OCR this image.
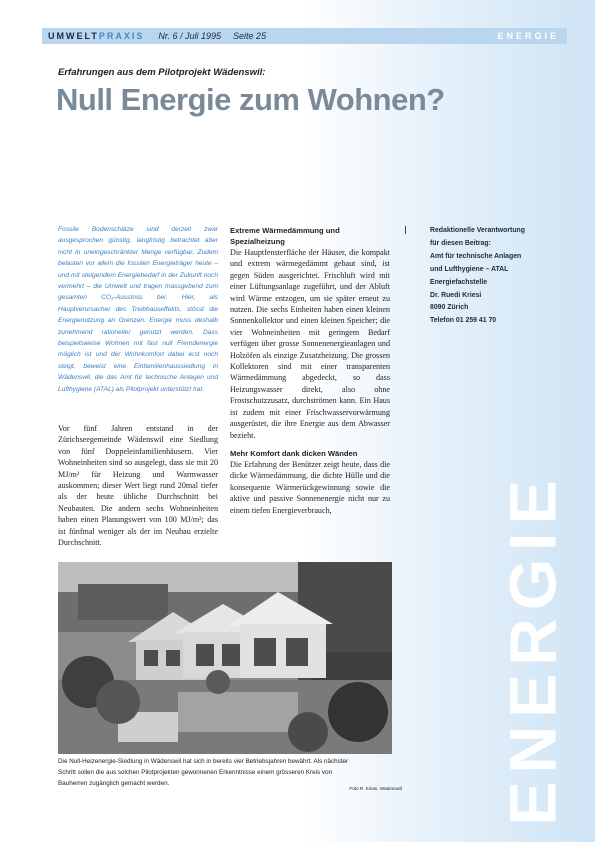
UMWELT PRAXIS Nr. 6 / Juli 1995 Seite 25	ENERGIE
Erfahrungen aus dem Pilotprojekt Wädenswil:
Null Energie zum Wohnen?

Fossile Bodenschätze sind derzeit zwar ausgesprochen günstig, langfristig betrachtet aber nicht in uneingeschränkter Menge verfügbar. Zudem belasten vor allem die fossilen Energieträger heute – und mit steigendem Energiebedarf in der Zukunft noch vermehrt – die Umwelt und tragen massgebend zum gesamten CO₂-Ausstoss bei. Hier, als Hauptverursacher des Treibhauseffekts, stösst die Energienutzung an Grenzen. Energie muss deshalb zunehmend rationeller genutzt werden. Dass beispielsweise Wohnen mit fast null Fremdenergie möglich ist und der Wohnkomfort dabei erst noch steigt, beweist eine Einfamilienhaussiedlung in Wädenswil, die das Amt für technische Anlagen und Lufthygiene (ATAL) als Pilotprojekt unterstützt hat.

Vor fünf Jahren entstand in der Zürichseegemeinde Wädenswil eine Siedlung von fünf Doppeleinfamilienhäusern. Vier Wohneinheiten sind so ausgelegt, dass sie mit 20 MJ/m² für Heizung und Warmwasser auskommen; dieser Wert liegt rund 20mal tiefer als der heute übliche Durchschnitt bei Neubauten. Die andern sechs Wohneinheiten haben einen Planungswert von 100 MJ/m²; das ist fünfmal weniger als der im Neubau erzielte Durchschnitt.

Extreme Wärmedämmung und Spezialheizung

Die Hauptfensterfläche der Häuser, die kompakt und extrem wärmegedämmt gebaut sind, ist gegen Süden ausgerichtet. Frischluft wird mit einer Lüftungsanlage zugeführt, und der Abluft wird Wärme entzogen, um sie später erneut zu nutzen. Die sechs Einheiten haben einen kleinen Sonnenkollektor und einen kleinen Speicher; die vier Wohneinheiten mit geringem Bedarf verfügen über grosse Sonnenenergieanlagen und Holzöfen als einzige Zusatzheizung. Die grossen Kollektoren sind mit einer transparenten Wärmedämmung abgedeckt, so dass Heizungswasser direkt, also ohne Frostschutzzusatz, durchströmen kann. Ein Haus ist zudem mit einer Frischwasservorwärmung ausgerüstet, die ihre Energie aus dem Abwasser bezieht.

Mehr Komfort dank dicken Wänden

Die Erfahrung der Benützer zeigt heute, dass die dicke Wärmedämmung, die dichte Hülle und die konsequente Wärmerückgewinnung sowie die aktive und passive Sonnenenergie nicht nur zu einem tiefen Energieverbrauch,

Redaktionelle Verantwortung
für diesen Beitrag:
Amt für technische Anlagen
und Lufthygiene – ATAL
Energiefachstelle
Dr. Ruedi Kriesi
8090 Zürich
Telefon 01 259 41 70
ENERGIE

Die Null-Heizenergie-Siedlung in Wädenswil hat sich in bereits vier Betriebsjahren bewährt. Als nächster Schritt sollen die aus solchen Pilotprojekten gewonnenen Erkenntnisse einem grösseren Kreis von Bauherren zugänglich gemacht werden.

Foto R. Kriesi, Wädenswil
